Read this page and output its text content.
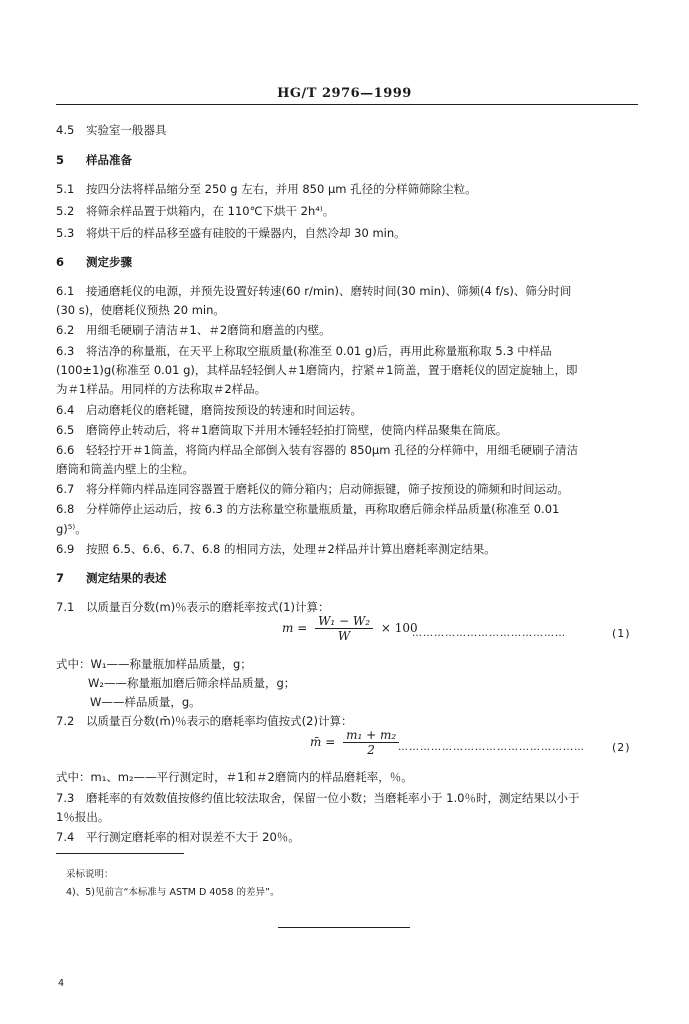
HG/T 2976—1999
4.5 实验室一般器具
5 样品准备
5.1 按四分法将样品缩分至 250 g 左右，并用 850 μm 孔径的分样筛筛除尘粒。
5.2 将筛余样品置于烘箱内，在 110℃下烘干 2h⁴⁾。
5.3 将烘干后的样品移至盛有硅胶的干燥器内，自然冷却 30 min。
6 测定步骤
6.1 接通磨耗仪的电源，并预先设置好转速(60 r/min)、磨转时间(30 min)、筛频(4 f/s)、筛分时间
(30 s)，使磨耗仪预热 20 min。
6.2 用细毛硬刷子清洁＃1、＃2磨筒和磨盖的内壁。
6.3 将洁净的称量瓶，在天平上称取空瓶质量(称准至 0.01 g)后，再用此称量瓶称取 5.3 中样品
(100±1)g(称准至 0.01 g)，其样品轻轻倒人＃1磨筒内，拧紧＃1筒盖，置于磨耗仪的固定旋轴上，即
为＃1样品。用同样的方法称取＃2样品。
6.4 启动磨耗仪的磨耗键，磨筒按预设的转速和时间运转。
6.5 磨筒停止转动后，将＃1磨筒取下并用木锤轻轻拍打筒壁，使筒内样品聚集在筒底。
6.6 轻轻拧开＃1筒盖，将筒内样品全部倒入装有容器的 850μm 孔径的分样筛中，用细毛硬刷子清洁
磨筒和筒盖内壁上的尘粒。
6.7 将分样筛内样品连同容器置于磨耗仪的筛分箱内；启动筛振键，筛子按预设的筛频和时间运动。
6.8 分样筛停止运动后，按 6.3 的方法称量空称量瓶质量，再称取磨后筛余样品质量(称准至 0.01
g)⁵⁾。
6.9 按照 6.5、6.6、6.7、6.8 的相同方法，处理＃2样品并计算出磨耗率测定结果。
7 测定结果的表述
7.1 以质量百分数(m)％表示的磨耗率按式(1)计算：
$m = \frac{\text{W₁ − W₂}}{W} \times 100$
……………………………………	(1)
式中：W₁——称量瓶加样品质量，g；
W₂——称量瓶加磨后筛余样品质量，g；
W——样品质量，g。
7.2 以质量百分数(m̄)％表示的磨耗率均值按式(2)计算：
m̄ = $\frac{\text{m₁ + m₂}}{2}$
…………………………………………… (2)
式中：m₁、m₂——平行测定时，＃1和＃2磨筒内的样品磨耗率，％。
7.3 磨耗率的有效数值按修约值比较法取舍，保留一位小数；当磨耗率小于 1.0％时，测定结果以小于
1％报出。
7.4 平行测定磨耗率的相对误差不大于 20％。
采标说明：
4)、5)见前言“本标准与 ASTM D 4058 的差异”。
4
